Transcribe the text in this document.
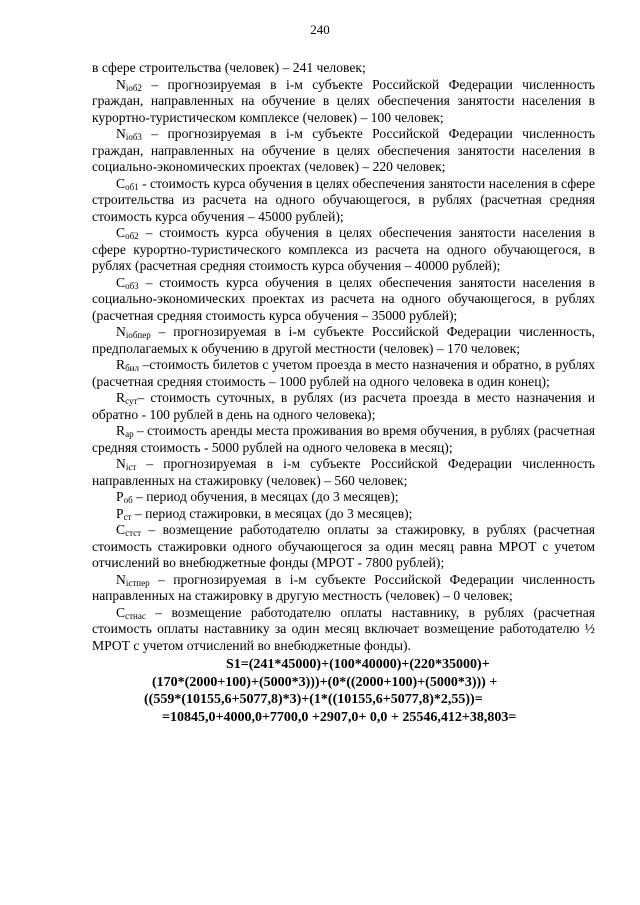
240

в сфере строительства (человек) – 241 человек;

$N_{iоб2}$ – прогнозируемая в i-м субъекте Российской Федерации численность граждан, направленных на обучение в целях обеспечения занятости населения в курортно-туристическом комплексе (человек) – 100 человек;

$N_{iоб3}$ – прогнозируемая в i-м субъекте Российской Федерации численность граждан, направленных на обучение в целях обеспечения занятости населения в социально-экономических проектах (человек) – 220 человек;

$С_{об1}$ - стоимость курса обучения в целях обеспечения занятости населения в сфере строительства из расчета на одного обучающегося, в рублях (расчетная средняя стоимость курса обучения – 45000 рублей);

$С_{об2}$ – стоимость курса обучения в целях обеспечения занятости населения в сфере курортно-туристического комплекса из расчета на одного обучающегося, в рублях (расчетная средняя стоимость курса обучения – 40000 рублей);

$С_{об3}$ – стоимость курса обучения в целях обеспечения занятости населения в социально-экономических проектах из расчета на одного обучающегося, в рублях (расчетная средняя стоимость курса обучения – 35000 рублей);

$N_{iобпер}$ – прогнозируемая в i-м субъекте Российской Федерации численность, предполагаемых к обучению в другой местности (человек) – 170 человек;

$R_{бил}$ –стоимость билетов с учетом проезда в место назначения и обратно, в рублях (расчетная средняя стоимость – 1000 рублей на одного человека в один конец);

$R_{сут}-$ стоимость суточных, в рублях (из расчета проезда в место назначения и обратно - 100 рублей в день на одного человека);

$R_{ар}$ – стоимость аренды места проживания во время обучения, в рублях (расчетная средняя стоимость - 5000 рублей на одного человека в месяц);

$N_{iст}$ – прогнозируемая в i-м субъекте Российской Федерации численность направленных на стажировку (человек) – 560 человек;

$Р_{об}$ – период обучения, в месяцах (до 3 месяцев);

$Р_{ст}$ – период стажировки, в месяцах (до 3 месяцев);

$С_{стст}$ – возмещение работодателю оплаты за стажировку, в рублях (расчетная стоимость стажировки одного обучающегося за один месяц равна МРОТ с учетом отчислений во внебюджетные фонды (МРОТ - 7800 рублей);

$N_{iстпер}$ – прогнозируемая в i-м субъекте Российской Федерации численность направленных на стажировку в другую местность (человек) – 0 человек;

$С_{стнас}$ – возмещение работодателю оплаты наставнику, в рублях (расчетная стоимость оплаты наставнику за один месяц включает возмещение работодателю ½ МРОТ с учетом отчислений во внебюджетные фонды).

S1=(241*45000)+(100*40000)+(220*35000)+
(170*(2000+100)+(5000*3)))+(0*((2000+100)+(5000*3))) +
((559*(10155,6+5077,8)*3)+(1*((10155,6+5077,8)*2,55))=
=10845,0+4000,0+7700,0 +2907,0+ 0,0 + 25546,412+38,803=
